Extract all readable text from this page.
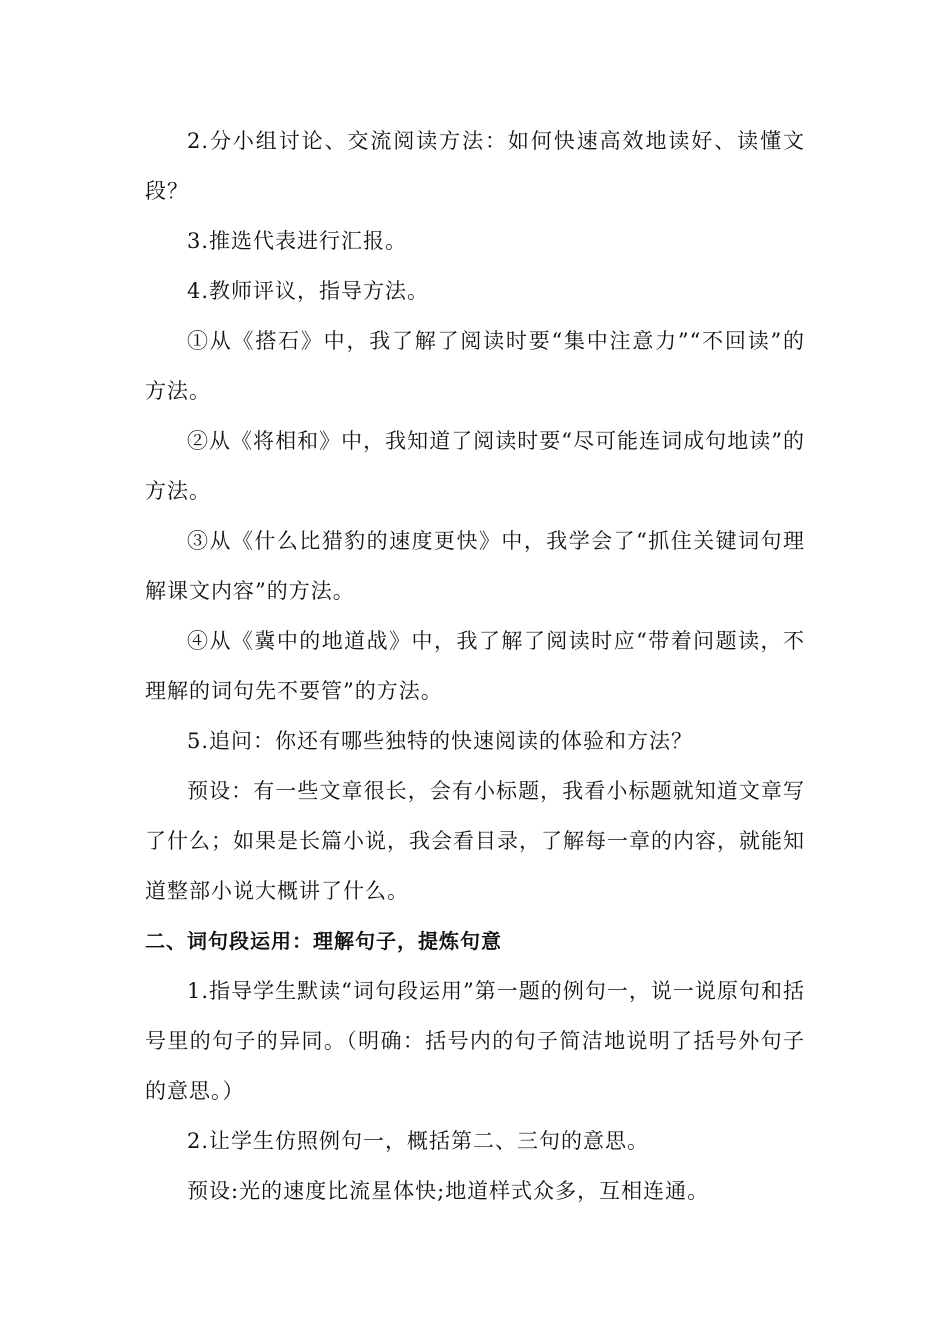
2.分小组讨论、交流阅读方法：如何快速高效地读好、读懂文段？

3.推选代表进行汇报。

4.教师评议，指导方法。

①从《搭石》中，我了解了阅读时要“集中注意力”“不回读”的方法。

②从《将相和》中，我知道了阅读时要“尽可能连词成句地读”的方法。

③从《什么比猎豹的速度更快》中，我学会了“抓住关键词句理解课文内容”的方法。

④从《冀中的地道战》中，我了解了阅读时应“带着问题读，不理解的词句先不要管”的方法。

5.追问：你还有哪些独特的快速阅读的体验和方法？

预设：有一些文章很长，会有小标题，我看小标题就知道文章写了什么；如果是长篇小说，我会看目录，了解每一章的内容，就能知道整部小说大概讲了什么。

二、词句段运用：理解句子，提炼句意

1.指导学生默读“词句段运用”第一题的例句一，说一说原句和括号里的句子的异同。（明确：括号内的句子简洁地说明了括号外句子的意思。）

2.让学生仿照例句一，概括第二、三句的意思。

预设:光的速度比流星体快;地道样式众多，互相连通。
